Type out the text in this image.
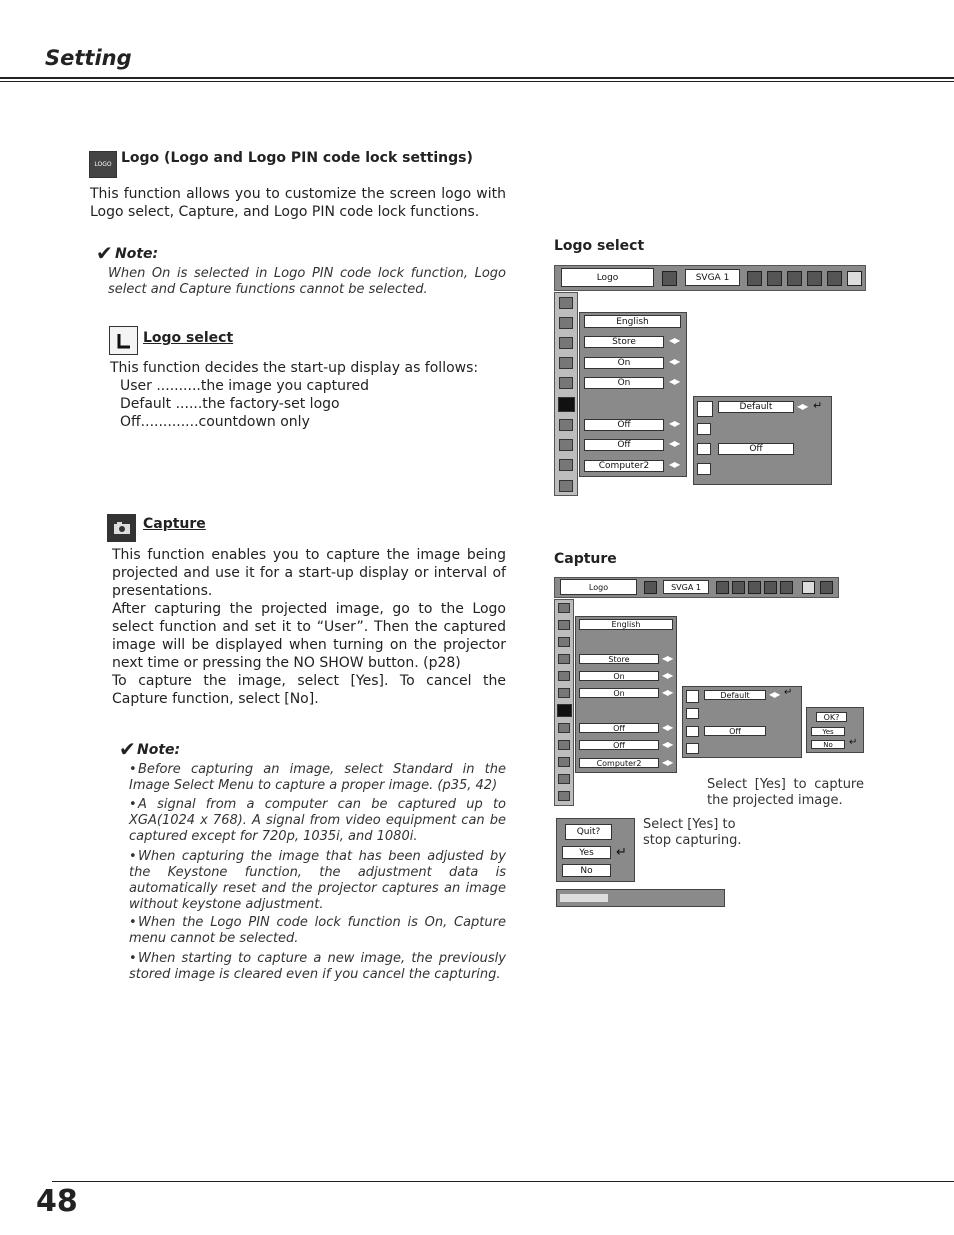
Setting
LOGO Logo (Logo and Logo PIN code lock settings)
This function allows you to customize the screen logo with Logo select, Capture, and Logo PIN code lock functions.
✔ Note:
When On is selected in Logo PIN code lock function, Logo select and Capture functions cannot be selected.
Logo select
This function decides the start-up display as follows:
User ..........the image you captured
Default ......the factory-set logo
Off.............countdown only
Capture
This function enables you to capture the image being projected and use it for a start-up display or interval of presentations.
After capturing the projected image, go to the Logo select function and set it to “User”. Then the captured image will be displayed when turning on the projector next time or pressing the NO SHOW button. (p28)
To capture the image, select [Yes]. To cancel the Capture function, select [No].
✔ Note:
•Before capturing an image, select Standard in the Image Select Menu to capture a proper image. (p35, 42)
•A signal from a computer can be captured up to XGA(1024 x 768). A signal from video equipment can be captured except for 720p, 1035i, and 1080i.
•When capturing the image that has been adjusted by the Keystone function, the adjustment data is automatically reset and the projector captures an image without keystone adjustment.
•When the Logo PIN code lock function is On, Capture menu cannot be selected.
•When starting to capture a new image, the previously stored image is cleared even if you cancel the capturing.
Logo select
Logo	SVGA 1
English
Store	◀▶
On	◀▶
On	◀▶
Off	◀▶
Off	◀▶
Computer2	◀▶
Default	◀▶ ↵
Off
Capture
Logo	SVGA 1
English
Store	◀▶
On	◀▶
On	◀▶
Off	◀▶
Off	◀▶
Computer2	◀▶
Default	◀▶ ↵
Off
OK?
Yes
No	↵
Select [Yes] to capture the projected image.
Quit?
Yes
No
↵
Select [Yes] to stop capturing.
48
